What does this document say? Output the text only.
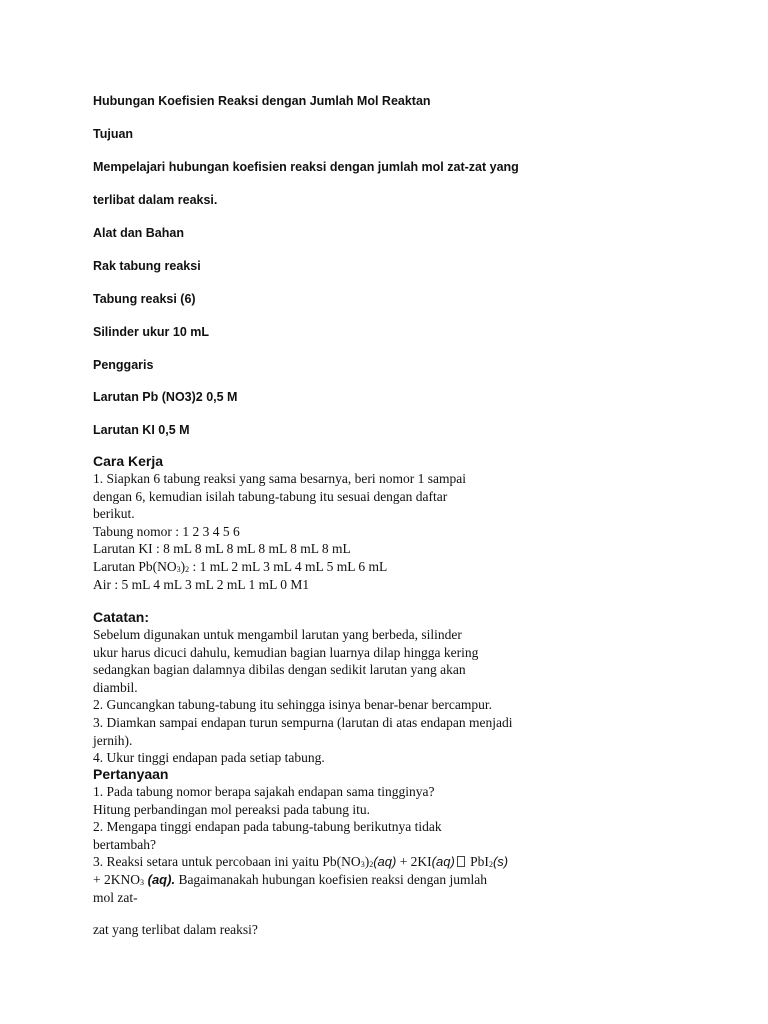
Hubungan Koefisien Reaksi dengan Jumlah Mol Reaktan

Tujuan

Mempelajari hubungan koefisien reaksi dengan jumlah mol zat-zat yang

terlibat dalam reaksi.

Alat dan Bahan

Rak tabung reaksi

Tabung reaksi (6)

Silinder ukur 10 mL

Penggaris

Larutan Pb (NO3)2 0,5 M

Larutan KI 0,5 M

Cara Kerja

1. Siapkan 6 tabung reaksi yang sama besarnya, beri nomor 1 sampai
dengan 6, kemudian isilah tabung-tabung itu sesuai dengan daftar
berikut.
Tabung nomor : 1 2 3 4 5 6
Larutan KI : 8 mL 8 mL 8 mL 8 mL 8 mL 8 mL
Larutan $Pb(NO_3)_2$ : 1 mL 2 mL 3 mL 4 mL 5 mL 6 mL
Air : 5 mL 4 mL 3 mL 2 mL 1 mL 0 M1

Catatan:

Sebelum digunakan untuk mengambil larutan yang berbeda, silinder
ukur harus dicuci dahulu, kemudian bagian luarnya dilap hingga kering
sedangkan bagian dalamnya dibilas dengan sedikit larutan yang akan
diambil.
2. Guncangkan tabung-tabung itu sehingga isinya benar-benar bercampur.
3. Diamkan sampai endapan turun sempurna (larutan di atas endapan menjadi
jernih).
4. Ukur tinggi endapan pada setiap tabung.

Pertanyaan

1. Pada tabung nomor berapa sajakah endapan sama tingginya?
Hitung perbandingan mol pereaksi pada tabung itu.
2. Mengapa tinggi endapan pada tabung-tabung berikutnya tidak
bertambah?
3. Reaksi setara untuk percobaan ini yaitu $Pb(NO_3)_2(aq) + 2KI(aq)$ PbI$_2$(s)
+ $2KNO_3$ (aq). Bagaimanakah hubungan koefisien reaksi dengan jumlah
mol zat-

zat yang terlibat dalam reaksi?
